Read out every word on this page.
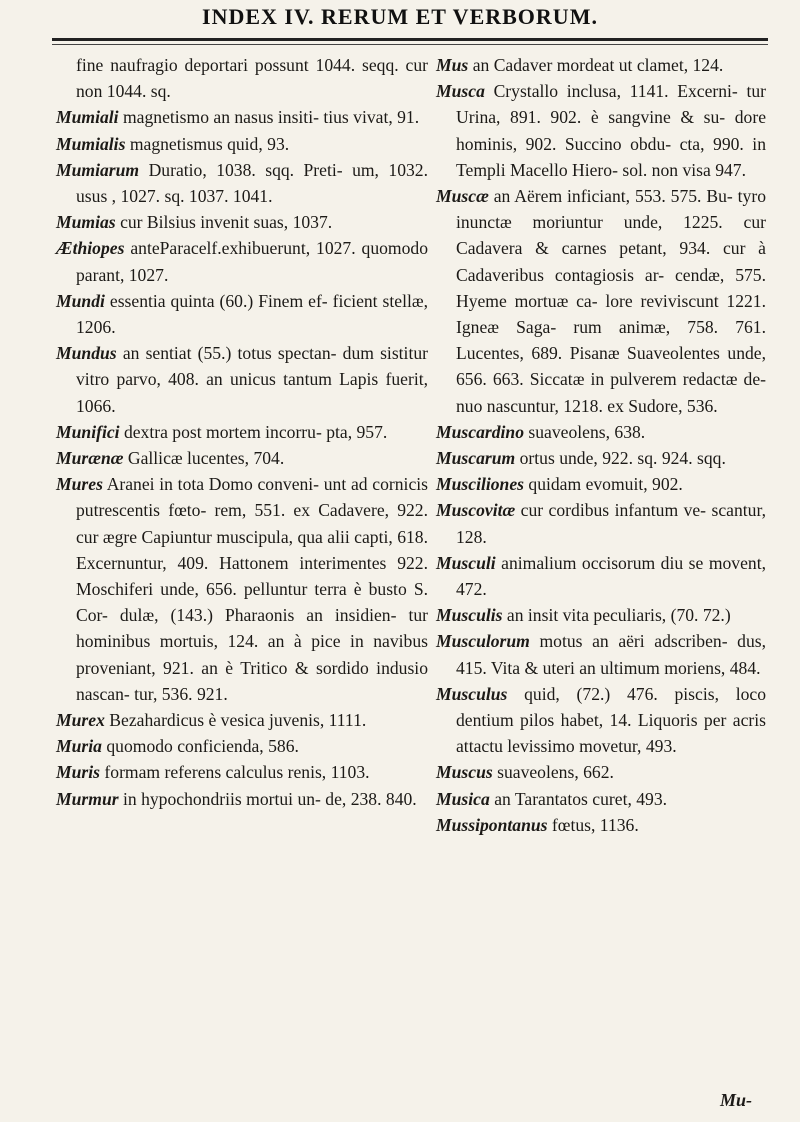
INDEX IV. RERUM ET VERBORUM.

fine naufragio deportari possunt 1044. seqq. cur non 1044. sq.

Mumiali magnetismo an nasus insiti- tius vivat, 91.

Mumialis magnetismus quid, 93.

Mumiarum Duratio, 1038. sqq. Preti- um, 1032. usus , 1027. sq. 1037. 1041.

Mumias cur Bilsius invenit suas, 1037.

Æthiopes anteParacelf.exhibuerunt, 1027. quomodo parant, 1027.

Mundi essentia quinta (60.) Finem ef- ficient stellæ, 1206.

Mundus an sentiat (55.) totus spectan- dum sistitur vitro parvo, 408. an unicus tantum Lapis fuerit, 1066.

Munifici dextra post mortem incorru- pta, 957.

Murænæ Gallicæ lucentes, 704.

Mures Aranei in tota Domo conveni- unt ad cornicis putrescentis fœto- rem, 551. ex Cadavere, 922. cur ægre Capiuntur muscipula, qua alii capti, 618. Excernuntur, 409. Hattonem interimentes 922. Moschiferi unde, 656. pelluntur terra è busto S. Cor- dulæ, (143.) Pharaonis an insidien- tur hominibus mortuis, 124. an à pice in navibus proveniant, 921. an è Tritico & sordido indusio nascan- tur, 536. 921.

Murex Bezahardicus è vesica juvenis, 1111.

Muria quomodo conficienda, 586.

Muris formam referens calculus renis, 1103.

Murmur in hypochondriis mortui un- de, 238. 840.

Mus an Cadaver mordeat ut clamet, 124.

Musca Crystallo inclusa, 1141. Excerni- tur Urina, 891. 902. è sangvine & su- dore hominis, 902. Succino obdu- cta, 990. in Templi Macello Hiero- sol. non visa 947.

Muscæ an Aërem inficiant, 553. 575. Bu- tyro inunctæ moriuntur unde, 1225. cur Cadavera & carnes petant, 934. cur à Cadaveribus contagiosis ar- cendæ, 575. Hyeme mortuæ ca- lore reviviscunt 1221. Igneæ Saga- rum animæ, 758. 761. Lucentes, 689. Pisanæ Suaveolentes unde, 656. 663. Siccatæ in pulverem redactæ de- nuo nascuntur, 1218. ex Sudore, 536.

Muscardino suaveolens, 638.

Muscarum ortus unde, 922. sq. 924. sqq.

Musciliones quidam evomuit, 902.

Muscovitæ cur cordibus infantum ve- scantur, 128.

Musculi animalium occisorum diu se movent, 472.

Musculis an insit vita peculiaris, (70. 72.)

Musculorum motus an aëri adscriben- dus, 415. Vita & uteri an ultimum moriens, 484.

Musculus quid, (72.) 476. piscis, loco dentium pilos habet, 14. Liquoris per acris attactu levissimo movetur, 493.

Muscus suaveolens, 662.

Musica an Tarantatos curet, 493.

Mussipontanus fœtus, 1136.

Mu-
